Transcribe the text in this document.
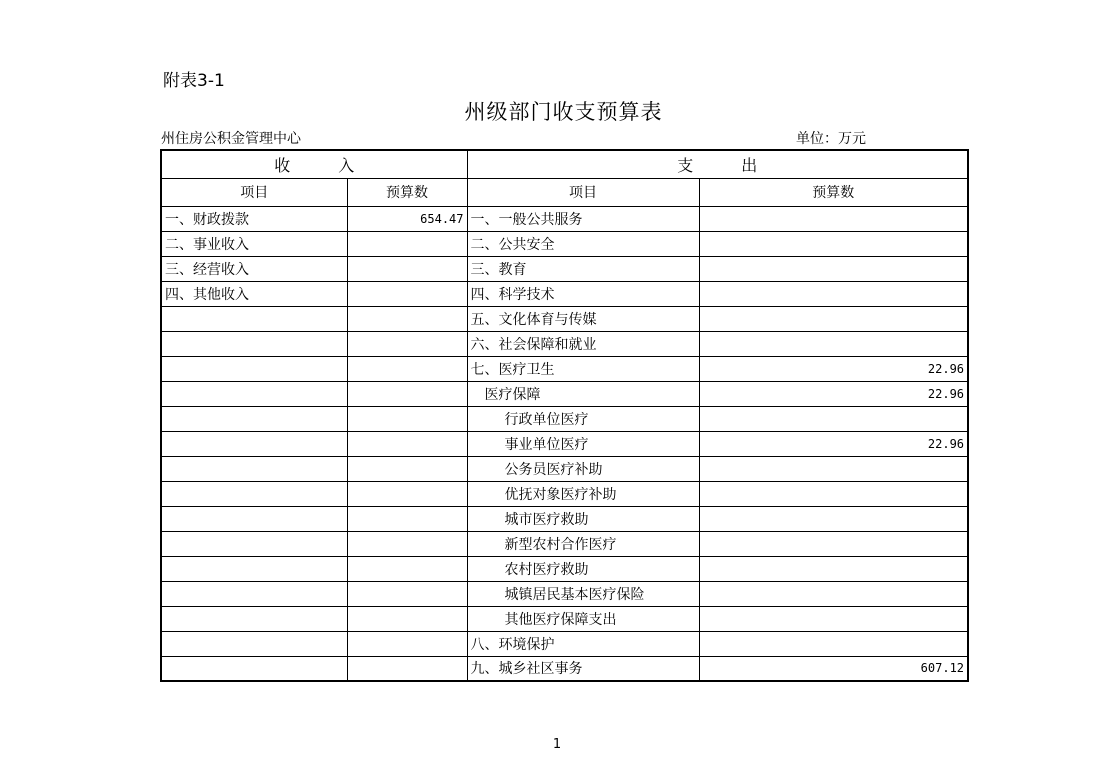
附表3-1
州级部门收支预算表
州住房公积金管理中心	单位：万元
收　　　入		支　　　出	
项目	预算数	项目	预算数
一、财政拨款	654.47	一、一般公共服务	
二、事业收入		二、公共安全	
三、经营收入		三、教育	
四、其他收入		四、科学技术	
		五、文化体育与传媒	
		六、社会保障和就业	
		七、医疗卫生	22.96
		医疗保障	22.96
		行政单位医疗	
		事业单位医疗	22.96
		公务员医疗补助	
		优抚对象医疗补助	
		城市医疗救助	
		新型农村合作医疗	
		农村医疗救助	
		城镇居民基本医疗保险	
		其他医疗保障支出	
		八、环境保护	
		九、城乡社区事务	607.12
1
